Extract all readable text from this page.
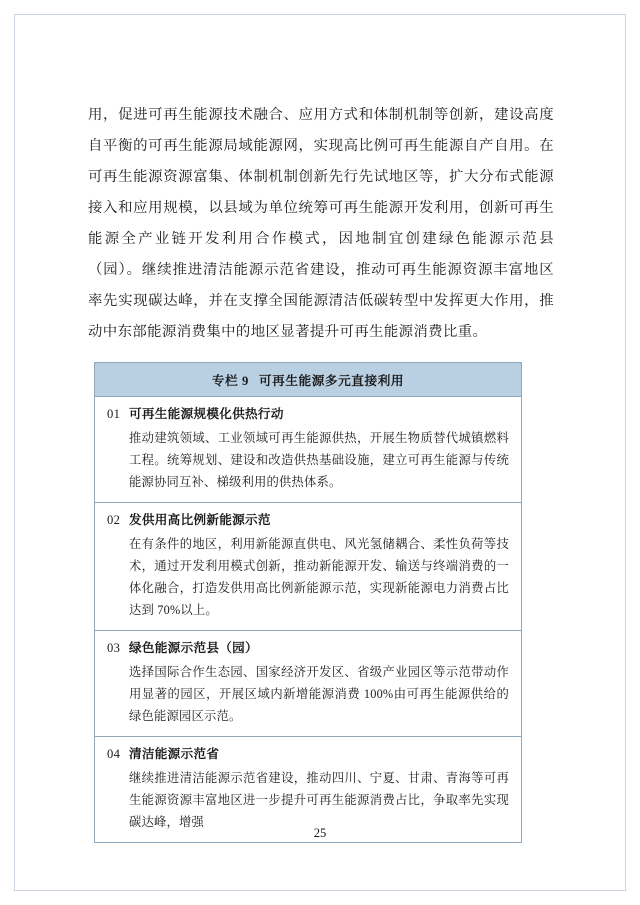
用，促进可再生能源技术融合、应用方式和体制机制等创新，建设高度自平衡的可再生能源局域能源网，实现高比例可再生能源自产自用。在可再生能源资源富集、体制机制创新先行先试地区等，扩大分布式能源接入和应用规模，以县域为单位统筹可再生能源开发利用，创新可再生能源全产业链开发利用合作模式，因地制宜创建绿色能源示范县（园）。继续推进清洁能源示范省建设，推动可再生能源资源丰富地区率先实现碳达峰，并在支撑全国能源清洁低碳转型中发挥更大作用，推动中东部能源消费集中的地区显著提升可再生能源消费比重。

专栏 9 可再生能源多元直接利用
01 可再生能源规模化供热行动
推动建筑领域、工业领域可再生能源供热，开展生物质替代城镇燃料工程。统筹规划、建设和改造供热基础设施，建立可再生能源与传统能源协同互补、梯级利用的供热体系。
02 发供用高比例新能源示范
在有条件的地区，利用新能源直供电、风光氢储耦合、柔性负荷等技术，通过开发利用模式创新，推动新能源开发、输送与终端消费的一体化融合，打造发供用高比例新能源示范，实现新能源电力消费占比达到 70%以上。
03 绿色能源示范县（园）
选择国际合作生态园、国家经济开发区、省级产业园区等示范带动作用显著的园区，开展区域内新增能源消费 100%由可再生能源供给的绿色能源园区示范。
04 清洁能源示范省
继续推进清洁能源示范省建设，推动四川、宁夏、甘肃、青海等可再生能源资源丰富地区进一步提升可再生能源消费占比，争取率先实现碳达峰，增强
25
